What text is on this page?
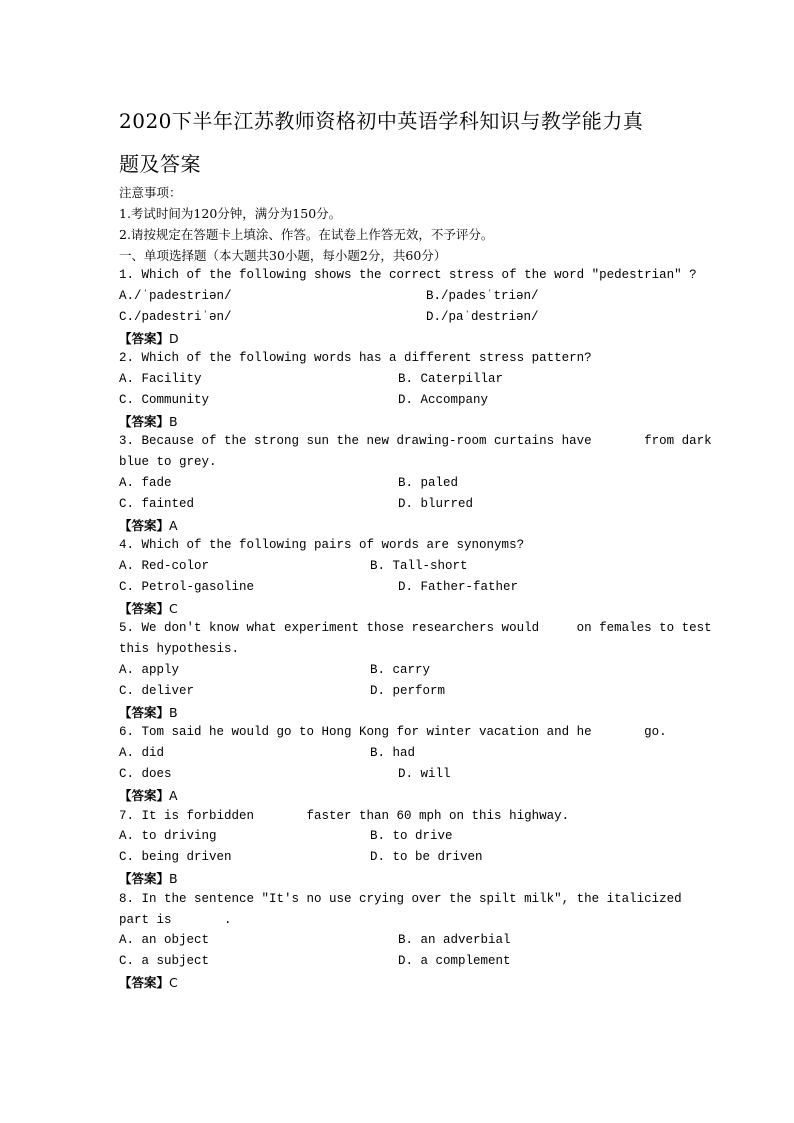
2020下半年江苏教师资格初中英语学科知识与教学能力真
题及答案
注意事项：
1.考试时间为120分钟，满分为150分。
2.请按规定在答题卡上填涂、作答。在试卷上作答无效，不予评分。
一、单项选择题（本大题共30小题，每小题2分，共60分）
1. Which of the following shows the correct stress of the word "pedestrian" ?
A./ˈpadestriən/	B./padesˈtriən/
C./padestriˈən/	D./paˈdestriən/
【答案】D
2. Which of the following words has a different stress pattern?
A. Facility	B. Caterpillar
C. Community	D. Accompany
【答案】B
3. Because of the strong sun the new drawing-room curtains have       from dark
blue to grey.
A. fade	B. paled
C. fainted	D. blurred
【答案】A
4. Which of the following pairs of words are synonyms?
A. Red-color	B. Tall-short
C. Petrol-gasoline	D. Father-father
【答案】C
5. We don't know what experiment those researchers would     on females to test
this hypothesis.
A. apply	B. carry
C. deliver	D. perform
【答案】B
6. Tom said he would go to Hong Kong for winter vacation and he       go.
A. did	B. had
C. does	D. will
【答案】A
7. It is forbidden       faster than 60 mph on this highway.
A. to driving	B. to drive
C. being driven	D. to be driven
【答案】B
8. In the sentence "It's no use crying over the spilt milk", the italicized
part is       .
A. an object	B. an adverbial
C. a subject	D. a complement
【答案】C
